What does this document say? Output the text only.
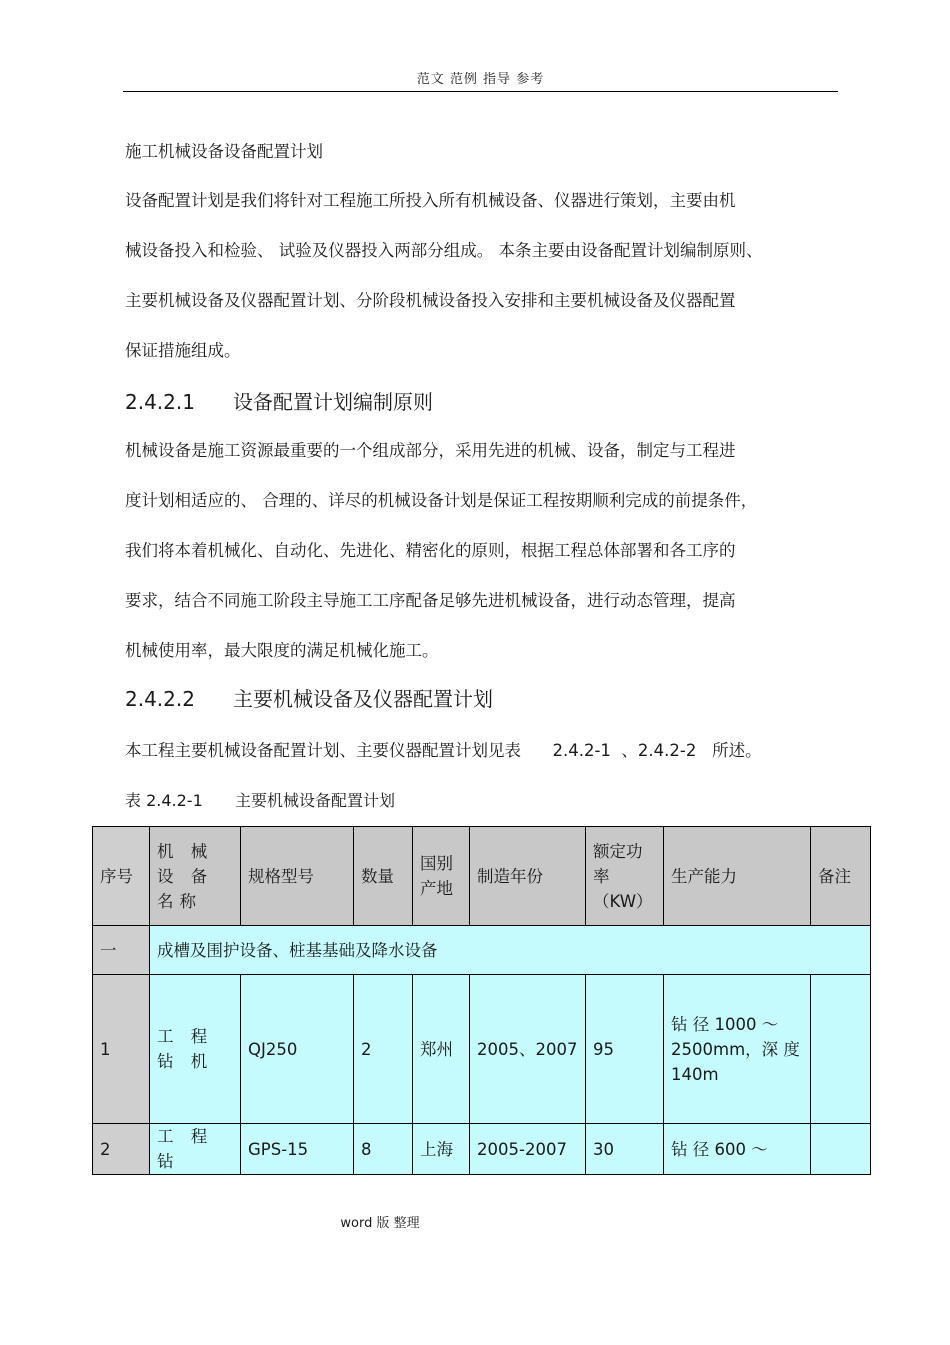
范文 范例 指导 参考
施工机械设备设备配置计划
设备配置计划是我们将针对工程施工所投入所有机械设备、仪器进行策划，主要由机
械设备投入和检验、 试验及仪器投入两部分组成。 本条主要由设备配置计划编制原则、
主要机械设备及仪器配置计划、分阶段机械设备投入安排和主要机械设备及仪器配置
保证措施组成。
2.4.2.1 设备配置计划编制原则
机械设备是施工资源最重要的一个组成部分，采用先进的机械、设备，制定与工程进
度计划相适应的、 合理的、详尽的机械设备计划是保证工程按期顺利完成的前提条件，
我们将本着机械化、自动化、先进化、精密化的原则，根据工程总体部署和各工序的
要求，结合不同施工阶段主导施工工序配备足够先进机械设备，进行动态管理，提高
机械使用率，最大限度的满足机械化施工。
2.4.2.2 主要机械设备及仪器配置计划
本工程主要机械设备配置计划、主要仪器配置计划见表      2.4.2-1  、2.4.2-2   所述。
表 2.4.2-1 主要机械设备配置计划
序号	机 械 设 备名称	规格型号	数量	国别 产地	制造年份	额定功 率（KW）	生产能力	备注
一	成槽及围护设备、桩基基础及降水设备							
1	工 程 钻 机	QJ250	2	郑州	2005、2007	95	钻 径 1000 ～ 2500mm，深 度 140m	
2	工 程 钻	GPS-15	8	上海	2005-2007	30	钻 径 600 ～	
word 版 整理
